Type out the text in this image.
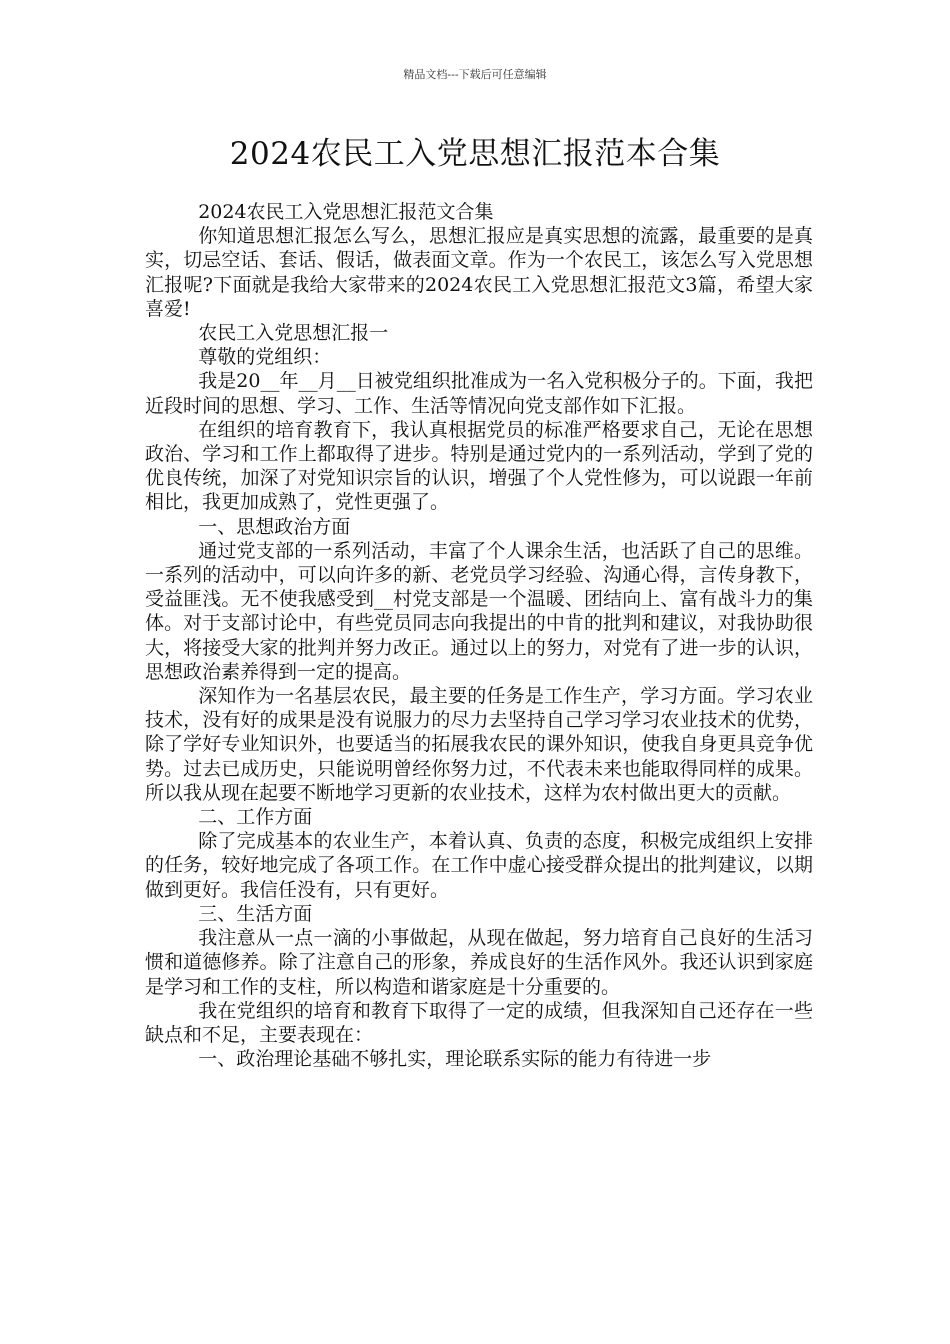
精品文档---下载后可任意编辑
2024农民工入党思想汇报范本合集

2024农民工入党思想汇报范文合集

你知道思想汇报怎么写么，思想汇报应是真实思想的流露，最重要的是真实，切忌空话、套话、假话，做表面文章。作为一个农民工，该怎么写入党思想汇报呢?下面就是我给大家带来的2024农民工入党思想汇报范文3篇，希望大家喜爱!

农民工入党思想汇报一

尊敬的党组织：

我是20__年__月__日被党组织批准成为一名入党积极分子的。下面，我把近段时间的思想、学习、工作、生活等情况向党支部作如下汇报。

在组织的培育教育下，我认真根据党员的标准严格要求自己，无论在思想政治、学习和工作上都取得了进步。特别是通过党内的一系列活动，学到了党的优良传统，加深了对党知识宗旨的认识，增强了个人党性修为，可以说跟一年前相比，我更加成熟了，党性更强了。

一、思想政治方面

通过党支部的一系列活动，丰富了个人课余生活，也活跃了自己的思维。一系列的活动中，可以向许多的新、老党员学习经验、沟通心得，言传身教下，受益匪浅。无不使我感受到__村党支部是一个温暖、团结向上、富有战斗力的集体。对于支部讨论中，有些党员同志向我提出的中肯的批判和建议，对我协助很大，将接受大家的批判并努力改正。通过以上的努力，对党有了进一步的认识，思想政治素养得到一定的提高。

深知作为一名基层农民，最主要的任务是工作生产，学习方面。学习农业技术，没有好的成果是没有说服力的尽力去坚持自己学习学习农业技术的优势，除了学好专业知识外，也要适当的拓展我农民的课外知识，使我自身更具竞争优势。过去已成历史，只能说明曾经你努力过，不代表未来也能取得同样的成果。所以我从现在起要不断地学习更新的农业技术，这样为农村做出更大的贡献。

二、工作方面

除了完成基本的农业生产，本着认真、负责的态度，积极完成组织上安排的任务，较好地完成了各项工作。在工作中虚心接受群众提出的批判建议，以期做到更好。我信任没有，只有更好。

三、生活方面

我注意从一点一滴的小事做起，从现在做起，努力培育自己良好的生活习惯和道德修养。除了注意自己的形象，养成良好的生活作风外。我还认识到家庭是学习和工作的支柱，所以构造和谐家庭是十分重要的。

我在党组织的培育和教育下取得了一定的成绩，但我深知自己还存在一些缺点和不足，主要表现在：

一、政治理论基础不够扎实，理论联系实际的能力有待进一步
